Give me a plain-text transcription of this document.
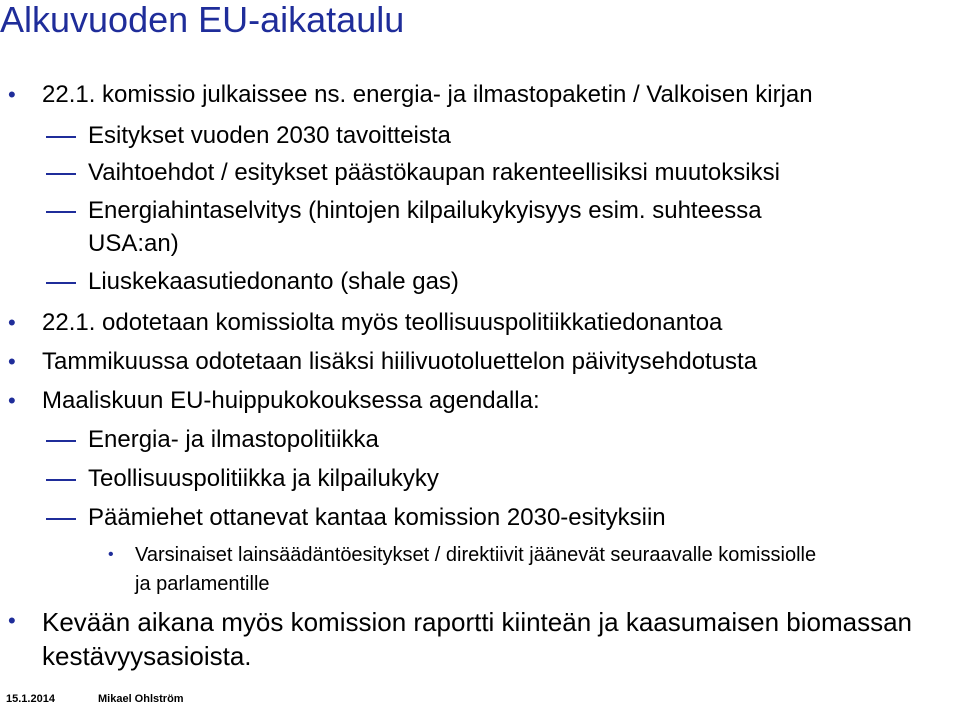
Alkuvuoden EU-aikataulu
• 22.1. komissio julkaissee ns. energia- ja ilmastopaketin / Valkoisen kirjan
Esitykset vuoden 2030 tavoitteista
Vaihtoehdot / esitykset päästökaupan rakenteellisiksi muutoksiksi
Energiahintaselvitys (hintojen kilpailukykyisyys esim. suhteessa
USA:an)
Liuskekaasutiedonanto (shale gas)
• 22.1. odotetaan komissiolta myös teollisuuspolitiikkatiedonantoa
• Tammikuussa odotetaan lisäksi hiilivuotoluettelon päivitysehdotusta
• Maaliskuun EU-huippukokouksessa agendalla:
Energia- ja ilmastopolitiikka
Teollisuuspolitiikka ja kilpailukyky
Päämiehet ottanevat kantaa komission 2030-esityksiin
• Varsinaiset lainsäädäntöesitykset / direktiivit jäänevät seuraavalle komissiolle
ja parlamentille
• Kevään aikana myös komission raportti kiinteän ja kaasumaisen biomassan
kestävyysasioista.
15.1.2014	Mikael Ohlström
